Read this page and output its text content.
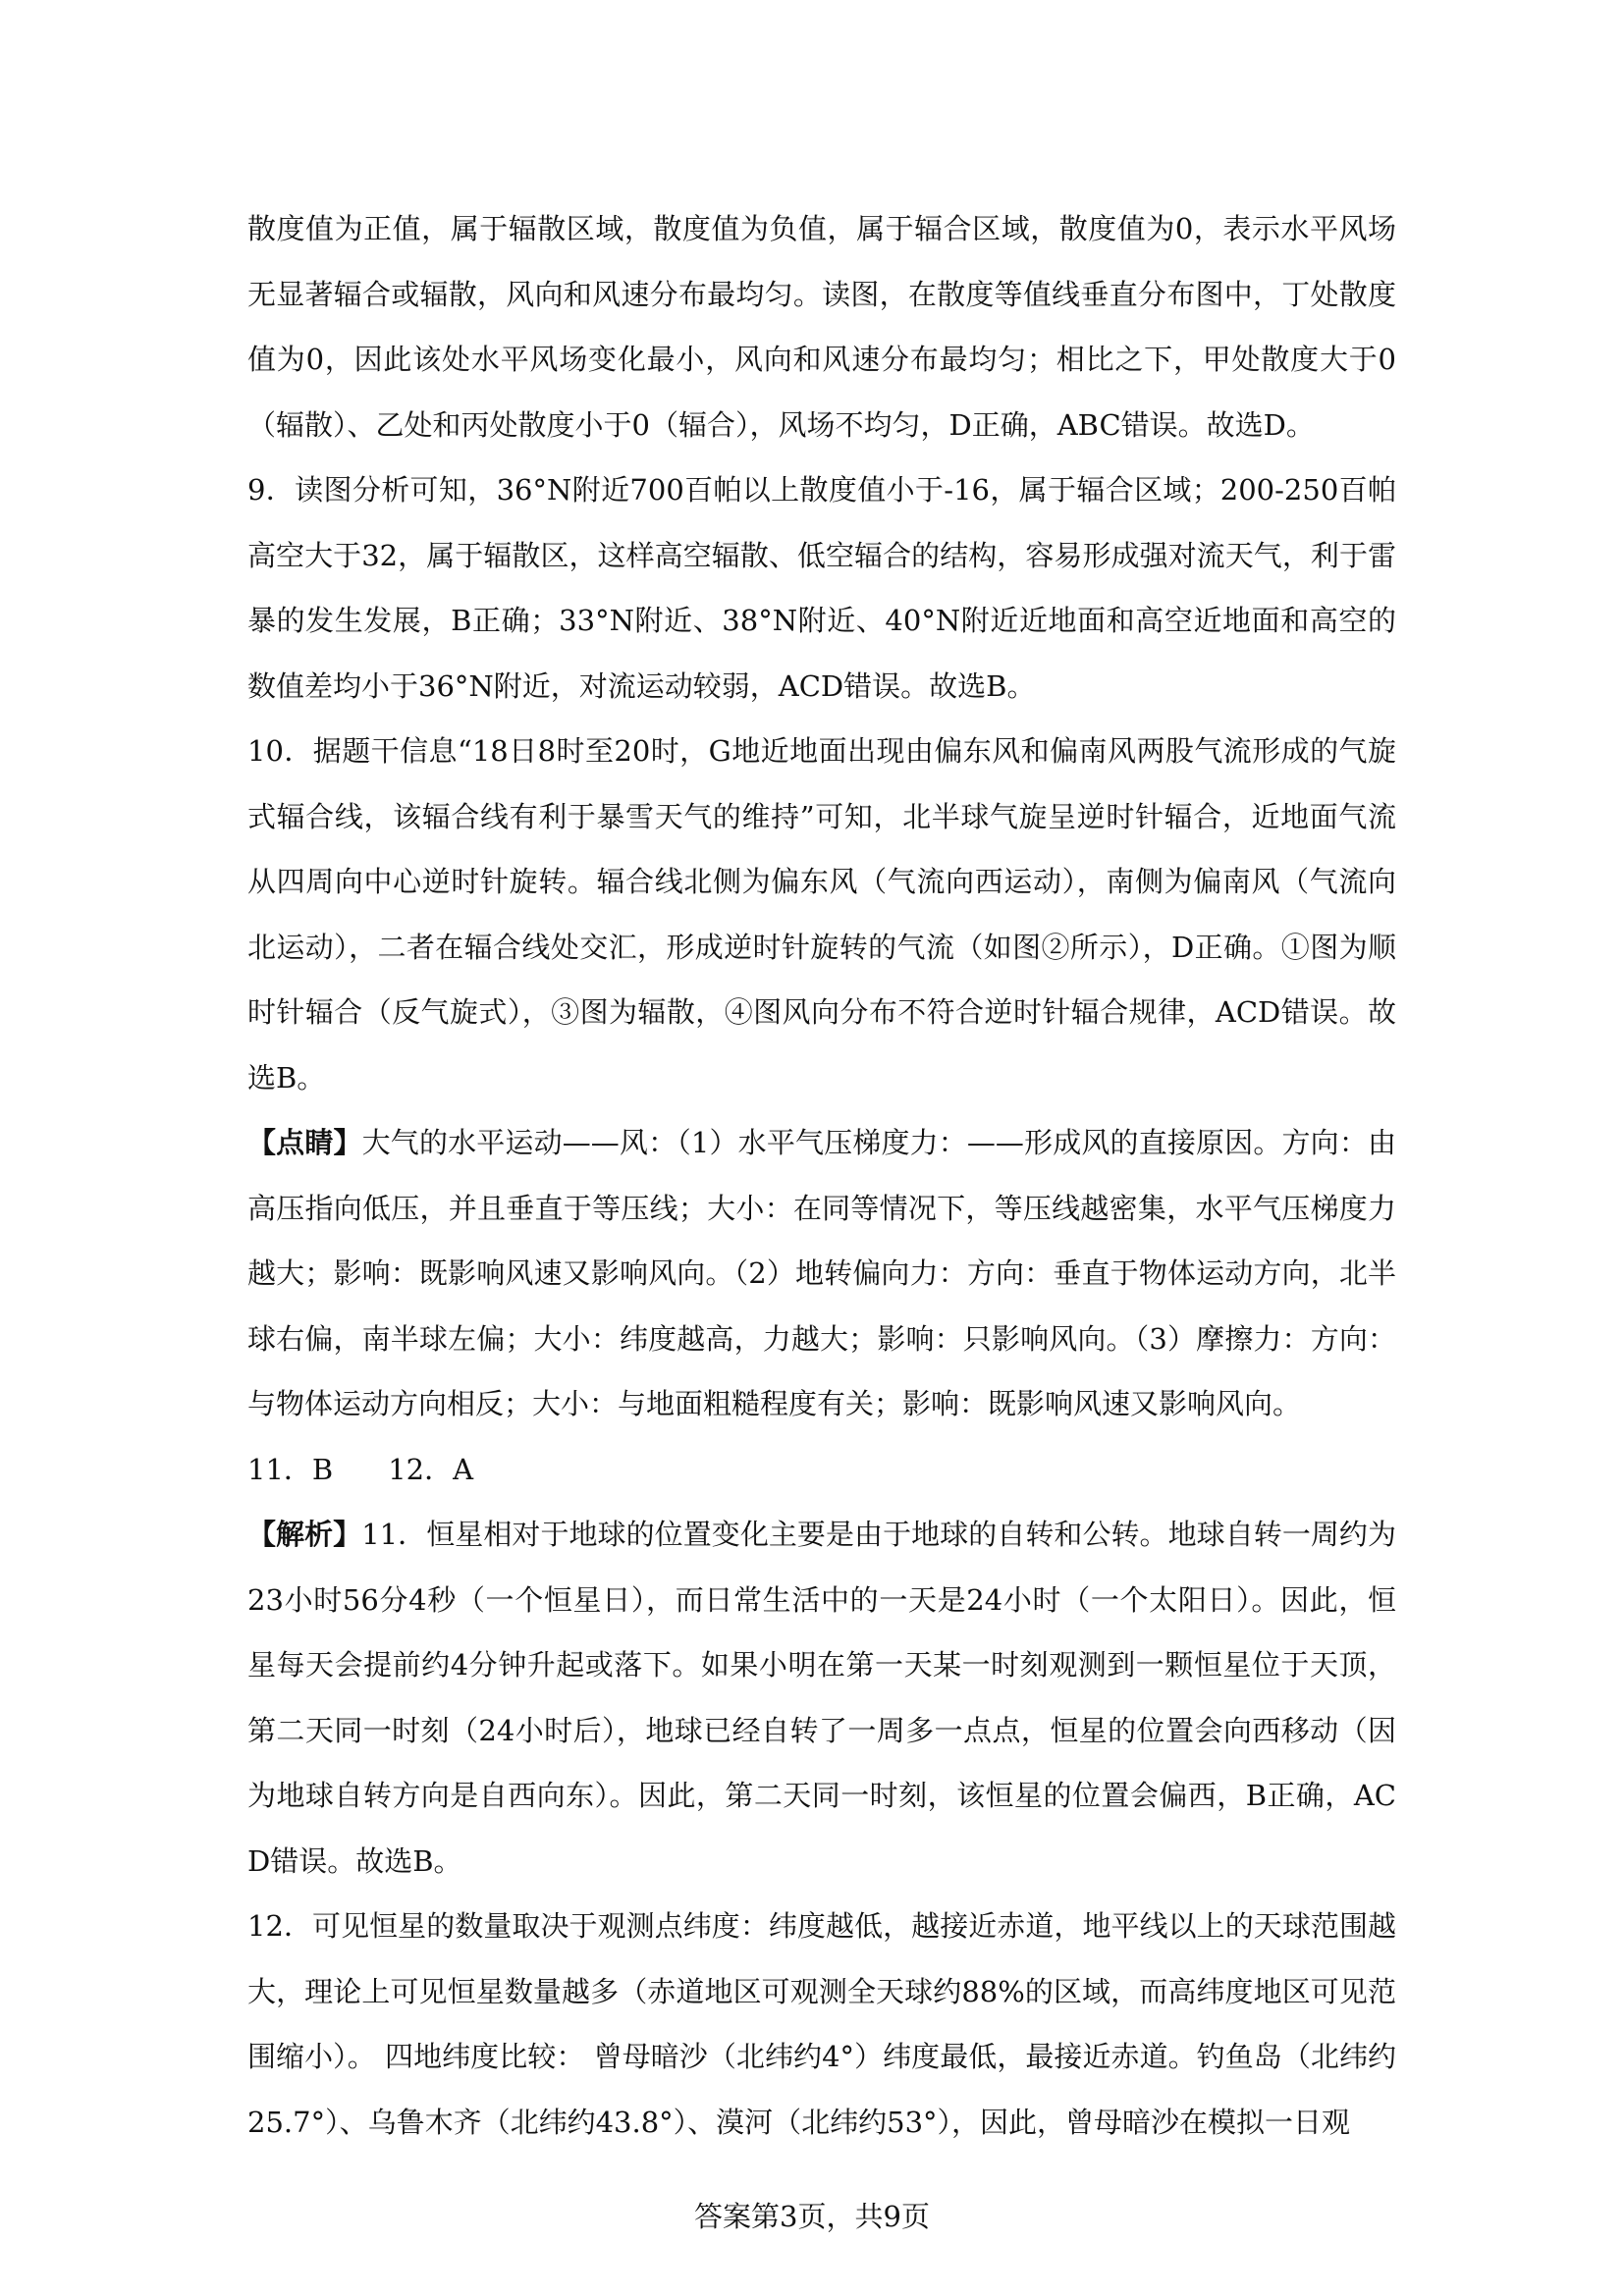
散度值为正值，属于辐散区域，散度值为负值，属于辐合区域，散度值为0，表示水平风场无显著辐合或辐散，风向和风速分布最均匀。读图，在散度等值线垂直分布图中，丁处散度值为0，因此该处水平风场变化最小，风向和风速分布最均匀；相比之下，甲处散度大于0（辐散）、乙处和丙处散度小于0（辐合），风场不均匀，D正确，ABC错误。故选D。

9．读图分析可知，36°N附近700百帕以上散度值小于-16，属于辐合区域；200-250百帕高空大于32，属于辐散区，这样高空辐散、低空辐合的结构，容易形成强对流天气，利于雷暴的发生发展，B正确；33°N附近、38°N附近、40°N附近近地面和高空近地面和高空的数值差均小于36°N附近，对流运动较弱，ACD错误。故选B。

10．据题干信息“18日8时至20时，G地近地面出现由偏东风和偏南风两股气流形成的气旋式辐合线，该辐合线有利于暴雪天气的维持”可知，北半球气旋呈逆时针辐合，近地面气流从四周向中心逆时针旋转。辐合线北侧为偏东风（气流向西运动），南侧为偏南风（气流向北运动），二者在辐合线处交汇，形成逆时针旋转的气流（如图②所示），D正确。①图为顺时针辐合（反气旋式），③图为辐散，④图风向分布不符合逆时针辐合规律，ACD错误。故选B。

【点睛】大气的水平运动——风：（1）水平气压梯度力：——形成风的直接原因。方向：由高压指向低压，并且垂直于等压线；大小：在同等情况下，等压线越密集，水平气压梯度力越大；影响：既影响风速又影响风向。（2）地转偏向力：方向：垂直于物体运动方向，北半球右偏，南半球左偏；大小：纬度越高，力越大；影响：只影响风向。（3）摩擦力：方向：与物体运动方向相反；大小：与地面粗糙程度有关；影响：既影响风速又影响风向。

11．B 12．A

【解析】11．恒星相对于地球的位置变化主要是由于地球的自转和公转。地球自转一周约为23小时56分4秒（一个恒星日），而日常生活中的一天是24小时（一个太阳日）。因此，恒星每天会提前约4分钟升起或落下。如果小明在第一天某一时刻观测到一颗恒星位于天顶，第二天同一时刻（24小时后），地球已经自转了一周多一点点，恒星的位置会向西移动（因为地球自转方向是自西向东）。因此，第二天同一时刻，该恒星的位置会偏西，B正确，ACD错误。故选B。

12．可见恒星的数量取决于观测点纬度：纬度越低，越接近赤道，地平线以上的天球范围越大，理论上可见恒星数量越多（赤道地区可观测全天球约88%的区域，而高纬度地区可见范围缩小）。 四地纬度比较： 曾母暗沙（北纬约4°）纬度最低，最接近赤道。钓鱼岛（北纬约25.7°）、乌鲁木齐（北纬约43.8°）、漠河（北纬约53°），因此，曾母暗沙在模拟一日观

答案第3页，共9页
